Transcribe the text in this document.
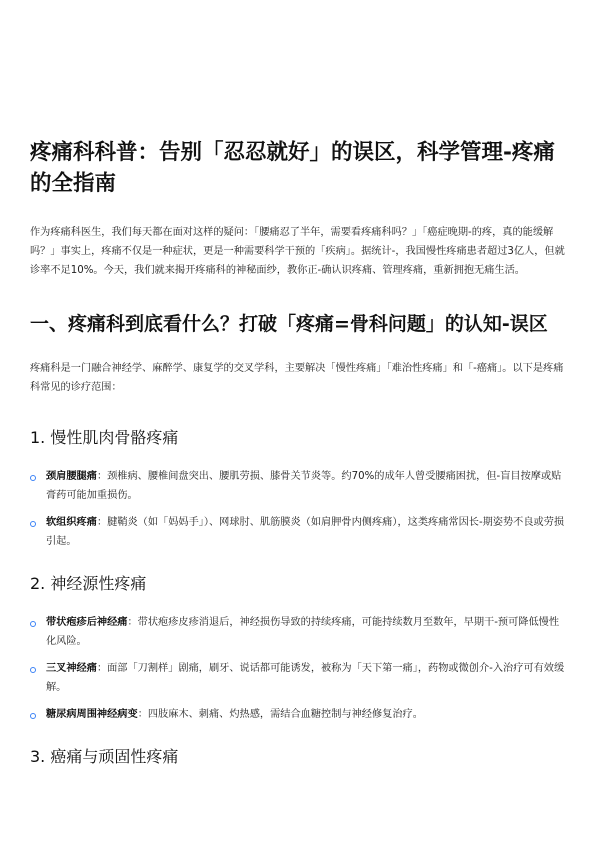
疼痛科科普：告别「忍忍就好」的误区，科学管理-疼痛的全指南

作为疼痛科医生，我们每天都在面对这样的疑问：「腰痛忍了半年，需要看疼痛科吗？」「癌症晚期-的疼，真的能缓解吗？」事实上，疼痛不仅是一种症状，更是一种需要科学干预的「疾病」。据统计-，我国慢性疼痛患者超过3亿人，但就诊率不足10%。今天，我们就来揭开疼痛科的神秘面纱，教你正-确认识疼痛、管理疼痛，重新拥抱无痛生活。

一、疼痛科到底看什么？打破「疼痛=骨科问题」的认知-误区

疼痛科是一门融合神经学、麻醉学、康复学的交叉学科，主要解决「慢性疼痛」「难治性疼痛」和「-癌痛」。以下是疼痛科常见的诊疗范围：

1. 慢性肌肉骨骼疼痛
颈肩腰腿痛：颈椎病、腰椎间盘突出、腰肌劳损、膝骨关节炎等。约70%的成年人曾受腰痛困扰，但-盲目按摩或贴膏药可能加重损伤。
软组织疼痛：腱鞘炎（如「妈妈手」）、网球肘、肌筋膜炎（如肩胛骨内侧疼痛），这类疼痛常因长-期姿势不良或劳损引起。
2. 神经源性疼痛
带状疱疹后神经痛：带状疱疹皮疹消退后，神经损伤导致的持续疼痛，可能持续数月至数年，早期干-预可降低慢性化风险。
三叉神经痛：面部「刀割样」剧痛，刷牙、说话都可能诱发，被称为「天下第一痛」，药物或微创介-入治疗可有效缓解。
糖尿病周围神经病变：四肢麻木、刺痛、灼热感，需结合血糖控制与神经修复治疗。
3. 癌痛与顽固性疼痛
